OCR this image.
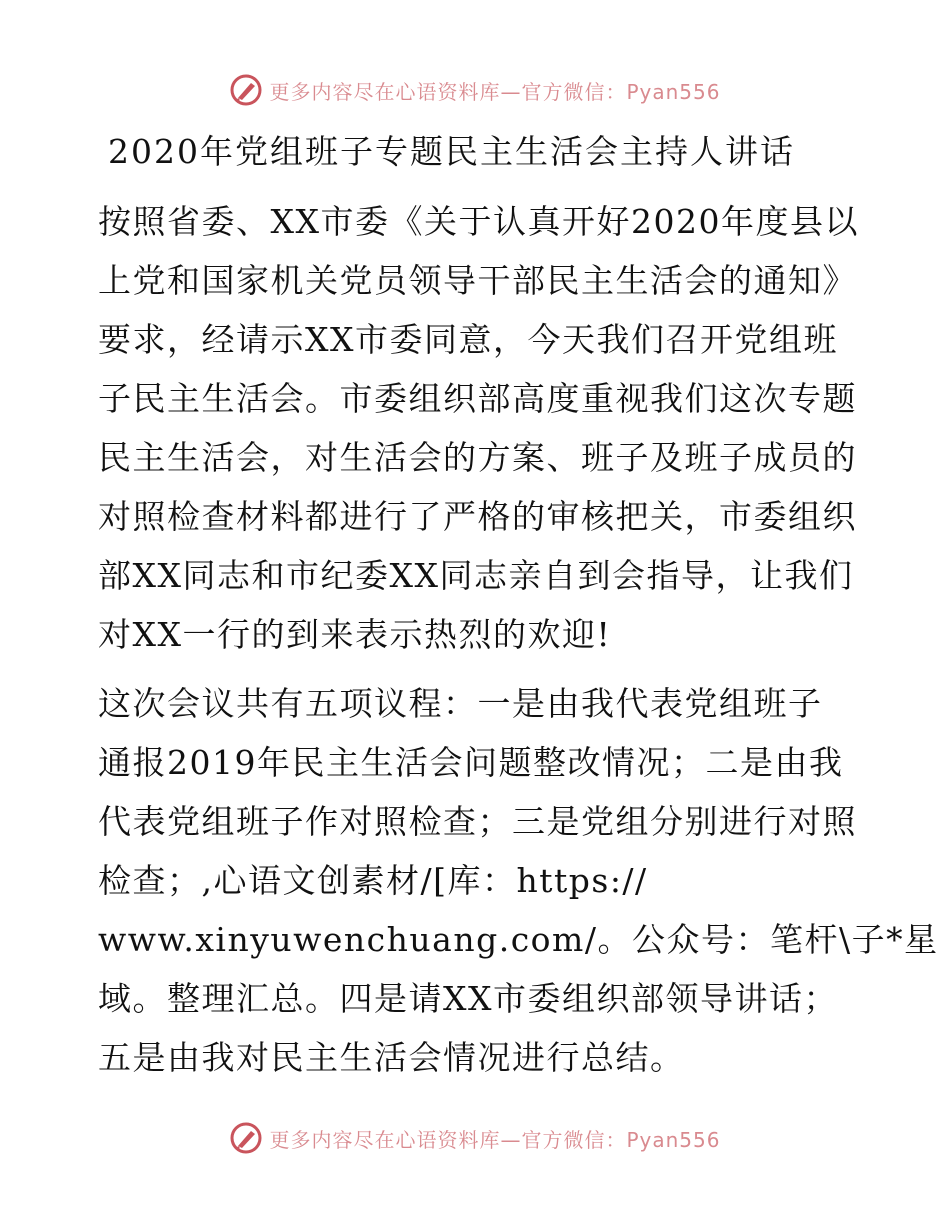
更多内容尽在心语资料库—官方微信：Pyan556
2020年党组班子专题民主生活会主持人讲话
按照省委、XX市委《关于认真开好2020年度县以
上党和国家机关党员领导干部民主生活会的通知》
要求，经请示XX市委同意，今天我们召开党组班
子民主生活会。市委组织部高度重视我们这次专题
民主生活会，对生活会的方案、班子及班子成员的
对照检查材料都进行了严格的审核把关，市委组织
部XX同志和市纪委XX同志亲自到会指导，让我们
对XX一行的到来表示热烈的欢迎!
这次会议共有五项议程：一是由我代表党组班子
通报2019年民主生活会问题整改情况；二是由我
代表党组班子作对照检查；三是党组分别进行对照
检查；,心语文创素材/[库：https://
www.xinyuwenchuang.com/。公众号：笔杆\子*星
域。整理汇总。四是请XX市委组织部领导讲话；
五是由我对民主生活会情况进行总结。
更多内容尽在心语资料库—官方微信：Pyan556
